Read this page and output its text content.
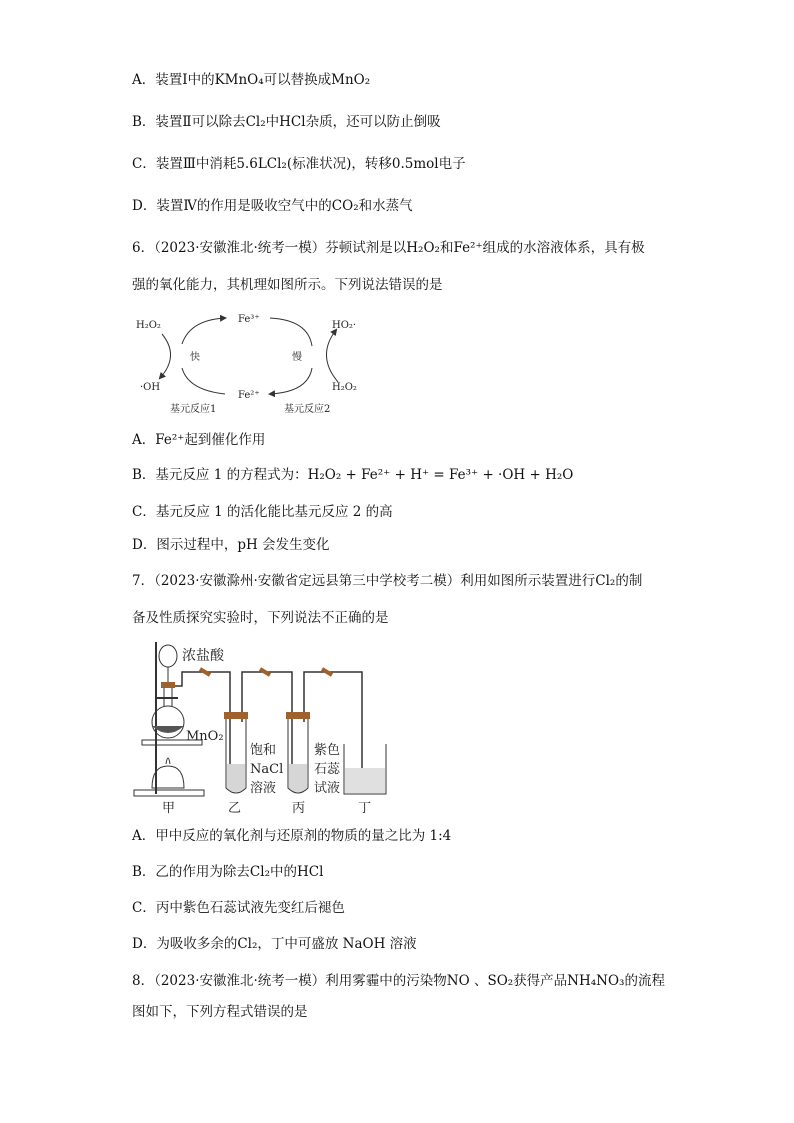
A．装置Ⅰ中的KMnO₄可以替换成MnO₂
B．装置Ⅱ可以除去Cl₂中HCl杂质，还可以防止倒吸
C．装置Ⅲ中消耗5.6LCl₂(标准状况)，转移0.5mol电子
D．装置Ⅳ的作用是吸收空气中的CO₂和水蒸气
6．（2023·安徽淮北·统考一模）芬顿试剂是以H₂O₂和Fe²⁺组成的水溶液体系，具有极
强的氧化能力，其机理如图所示。下列说法错误的是
H₂O₂
Fe³⁺
HO₂·
快	慢
·OH
Fe²⁺
H₂O₂
基元反应1	基元反应2
A．Fe²⁺起到催化作用
B．基元反应 1 的方程式为：H₂O₂ + Fe²⁺ + H⁺ = Fe³⁺ + ·OH + H₂O
C．基元反应 1 的活化能比基元反应 2 的高
D．图示过程中，pH 会发生变化
7．（2023·安徽滁州·安徽省定远县第三中学校考二模）利用如图所示装置进行Cl₂的制
备及性质探究实验时，下列说法不正确的是
浓盐酸
MnO₂
饱和
NaCl
溶液
紫色
石蕊
试液
甲	乙	丙	丁
A．甲中反应的氧化剂与还原剂的物质的量之比为 1:4
B．乙的作用为除去Cl₂中的HCl
C．丙中紫色石蕊试液先变红后褪色
D．为吸收多余的Cl₂，丁中可盛放 NaOH 溶液
8．（2023·安徽淮北·统考一模）利用雾霾中的污染物NO 、SO₂获得产品NH₄NO₃的流程
图如下，下列方程式错误的是
